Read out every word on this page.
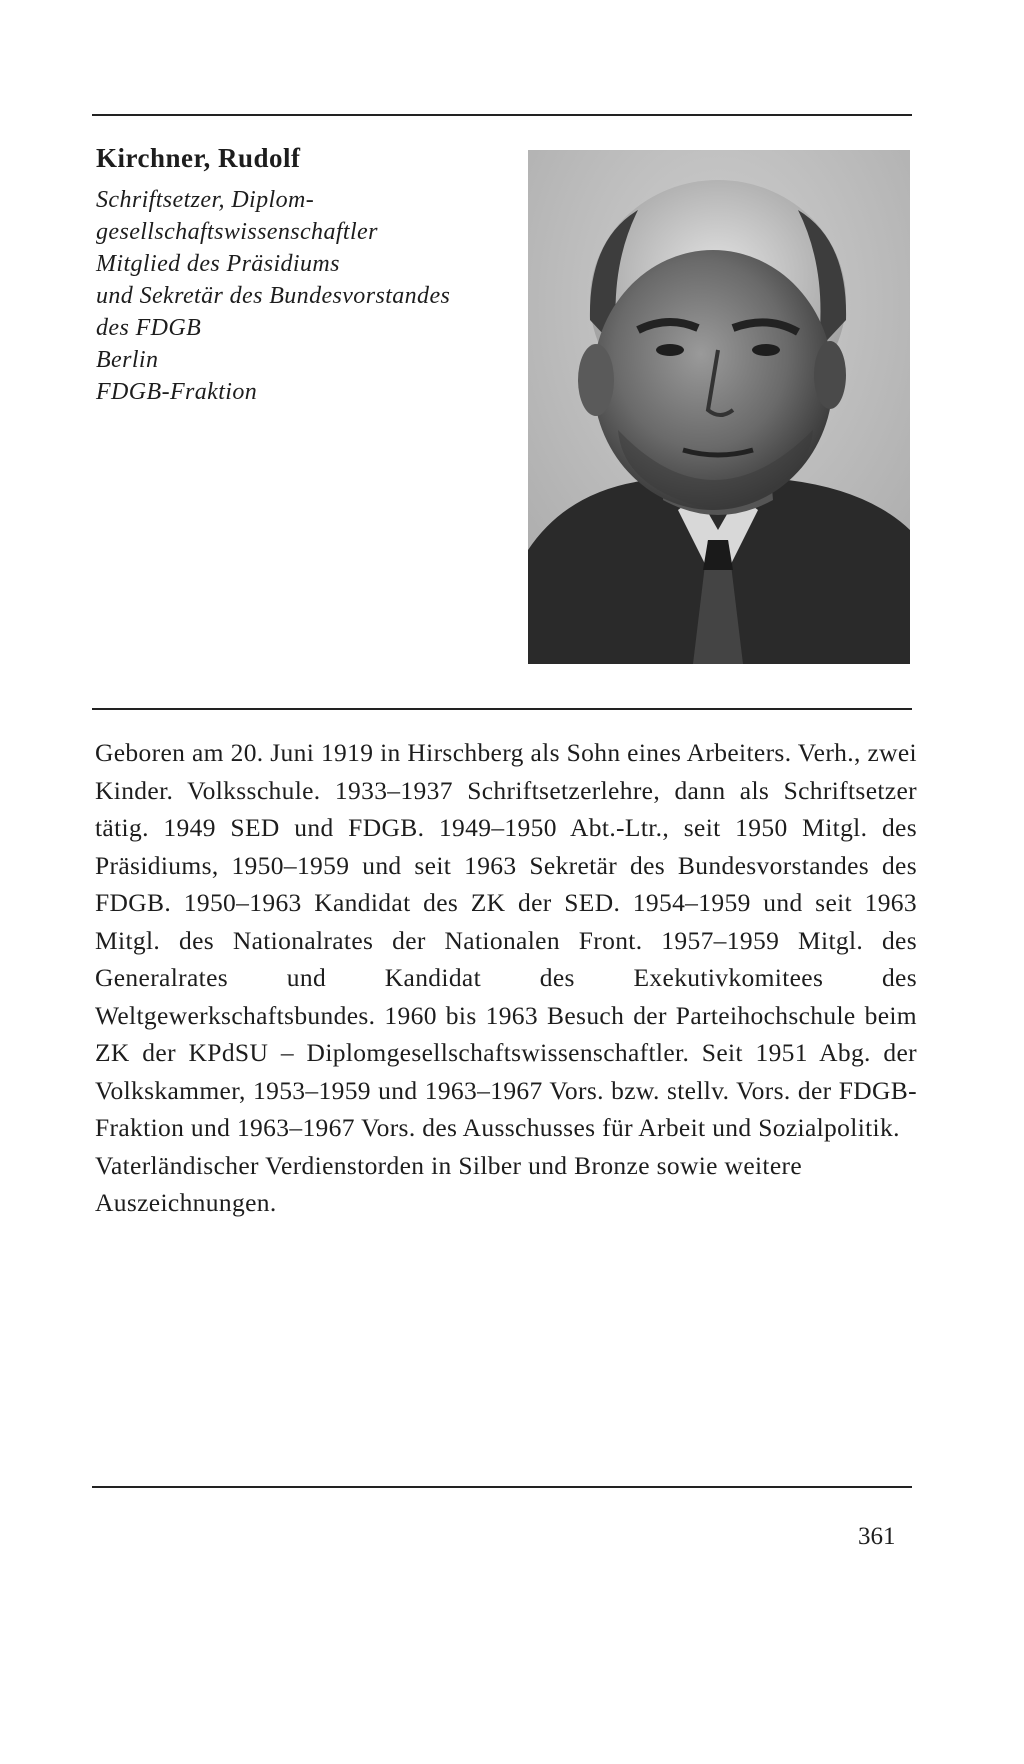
Kirchner, Rudolf

Schriftsetzer, Diplom-

gesellschaftswissenschaftler

Mitglied des Präsidiums

und Sekretär des Bundesvorstandes

des FDGB

Berlin

FDGB-Fraktion

Geboren am 20. Juni 1919 in Hirschberg als Sohn eines Arbeiters. Verh., zwei Kinder. Volksschule. 1933–1937 Schriftsetzerlehre, dann als Schriftsetzer tätig. 1949 SED und FDGB. 1949–1950 Abt.-Ltr., seit 1950 Mitgl. des Präsidiums, 1950–1959 und seit 1963 Sekretär des Bundesvorstandes des FDGB. 1950–1963 Kandidat des ZK der SED. 1954–1959 und seit 1963 Mitgl. des Nationalrates der Nationalen Front. 1957–1959 Mitgl. des Generalrates und Kandidat des Exekutivkomitees des Weltgewerkschaftsbundes. 1960 bis 1963 Besuch der Parteihochschule beim ZK der KPdSU – Diplomgesellschaftswissenschaftler. Seit 1951 Abg. der Volkskammer, 1953–1959 und 1963–1967 Vors. bzw. stellv. Vors. der FDGB-Fraktion und 1963–1967 Vors. des Ausschusses für Arbeit und Sozialpolitik.

Vaterländischer Verdienstorden in Silber und Bronze sowie weitere Auszeichnungen.

361
